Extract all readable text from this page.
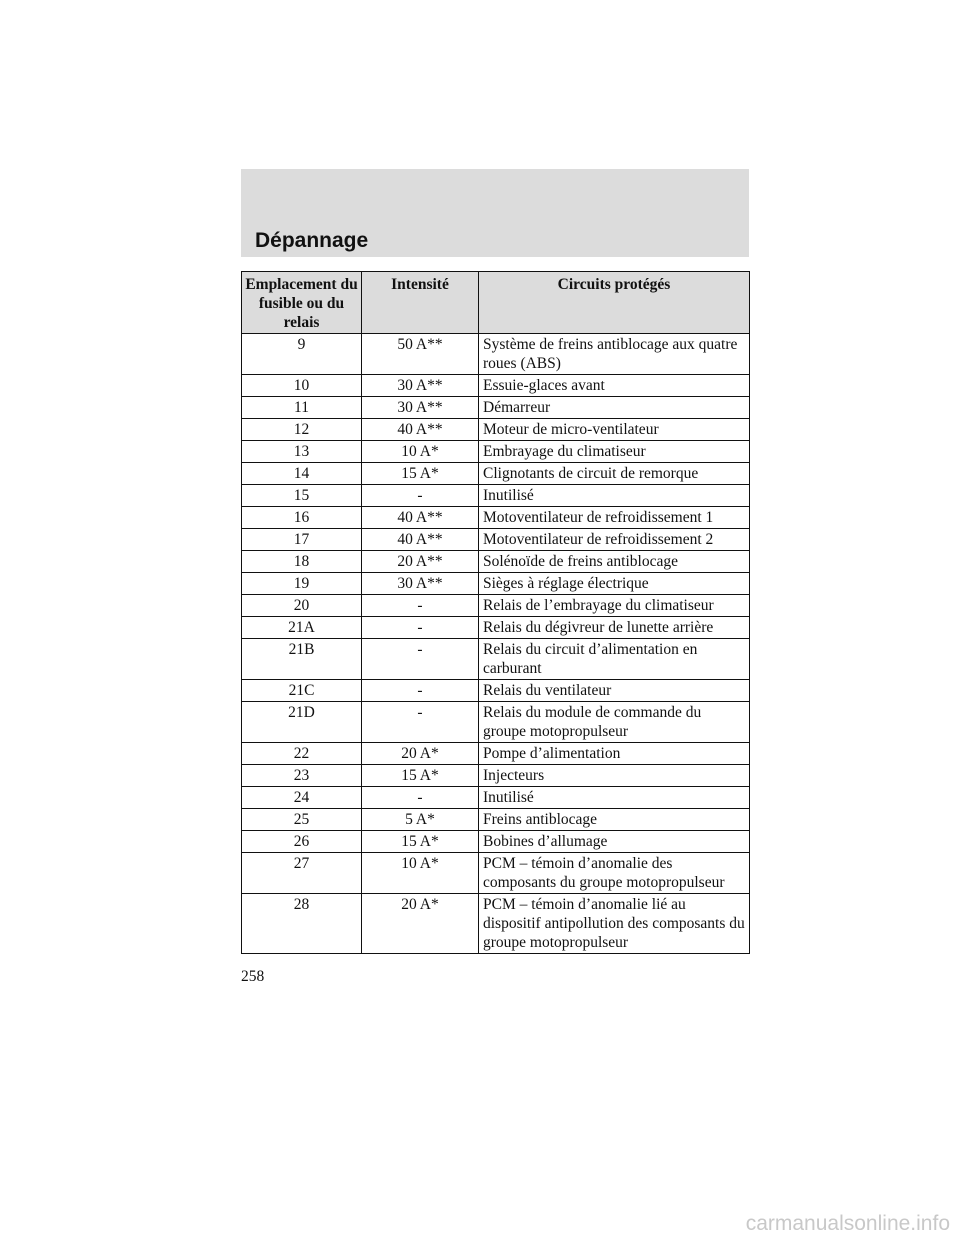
Dépannage
Emplacement du fusible ou du relais	Intensité	Circuits protégés
9	50 A**	Système de freins antiblocage aux quatre roues (ABS)
10	30 A**	Essuie-glaces avant
11	30 A**	Démarreur
12	40 A**	Moteur de micro-ventilateur
13	10 A*	Embrayage du climatiseur
14	15 A*	Clignotants de circuit de remorque
15	-	Inutilisé
16	40 A**	Motoventilateur de refroidissement 1
17	40 A**	Motoventilateur de refroidissement 2
18	20 A**	Solénoïde de freins antiblocage
19	30 A**	Sièges à réglage électrique
20	-	Relais de l’embrayage du climatiseur
21A	-	Relais du dégivreur de lunette arrière
21B	-	Relais du circuit d’alimentation en carburant
21C	-	Relais du ventilateur
21D	-	Relais du module de commande du groupe motopropulseur
22	20 A*	Pompe d’alimentation
23	15 A*	Injecteurs
24	-	Inutilisé
25	5 A*	Freins antiblocage
26	15 A*	Bobines d’allumage
27	10 A*	PCM – témoin d’anomalie des composants du groupe motopropulseur
28	20 A*	PCM – témoin d’anomalie lié au dispositif antipollution des composants du groupe motopropulseur
258
carmanualsonline.info
